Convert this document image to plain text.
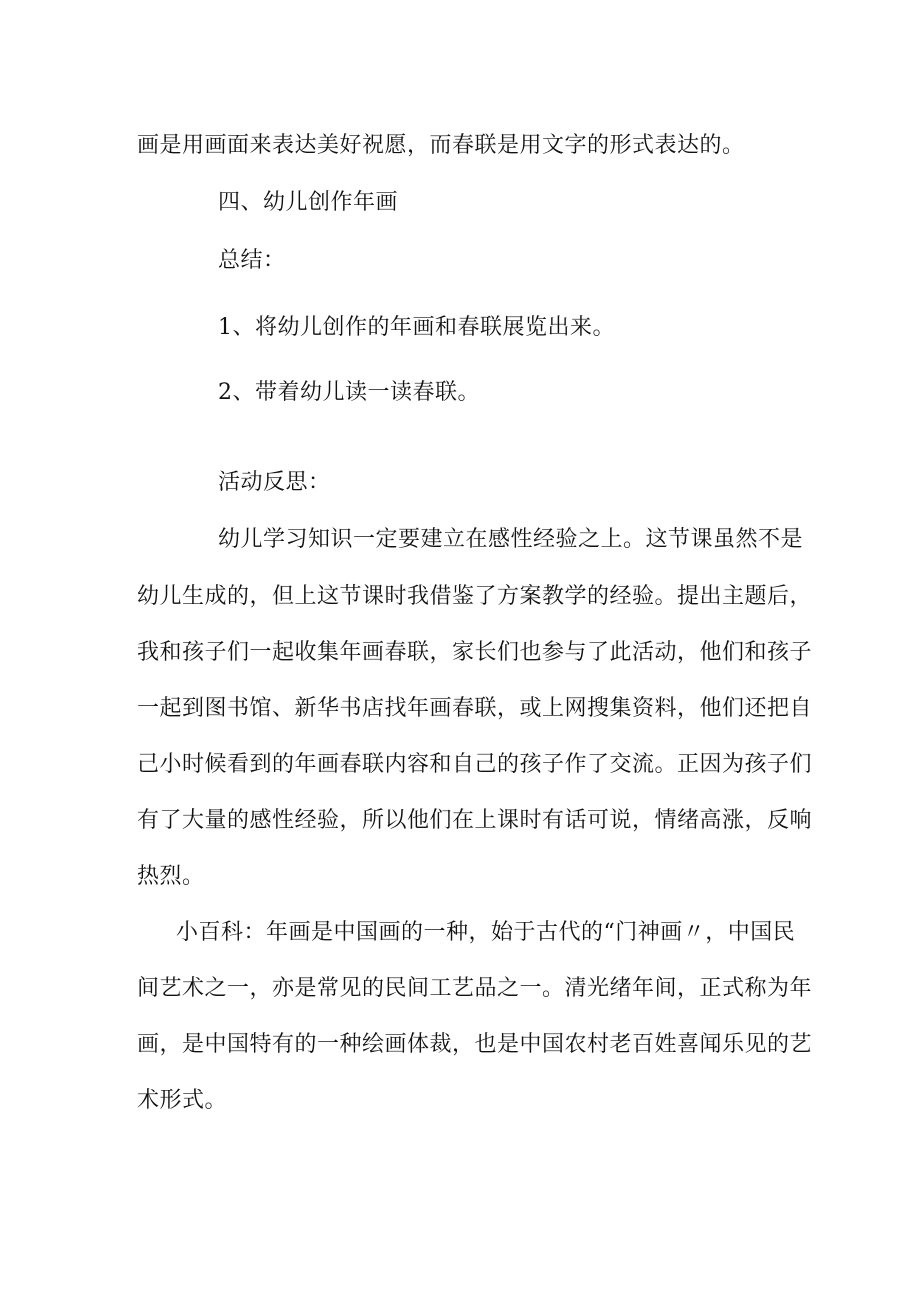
画是用画面来表达美好祝愿，而春联是用文字的形式表达的。
四、幼儿创作年画
总结：
1、将幼儿创作的年画和春联展览出来。
2、带着幼儿读一读春联。
活动反思：
幼儿学习知识一定要建立在感性经验之上。这节课虽然不是
幼儿生成的，但上这节课时我借鉴了方案教学的经验。提出主题后，
我和孩子们一起收集年画春联，家长们也参与了此活动，他们和孩子
一起到图书馆、新华书店找年画春联，或上网搜集资料，他们还把自
己小时候看到的年画春联内容和自己的孩子作了交流。正因为孩子们
有了大量的感性经验，所以他们在上课时有话可说，情绪高涨，反响
热烈。
小百科：年画是中国画的一种，始于古代的“门神画〃，中国民
间艺术之一，亦是常见的民间工艺品之一。清光绪年间，正式称为年
画，是中国特有的一种绘画体裁，也是中国农村老百姓喜闻乐见的艺
术形式。
